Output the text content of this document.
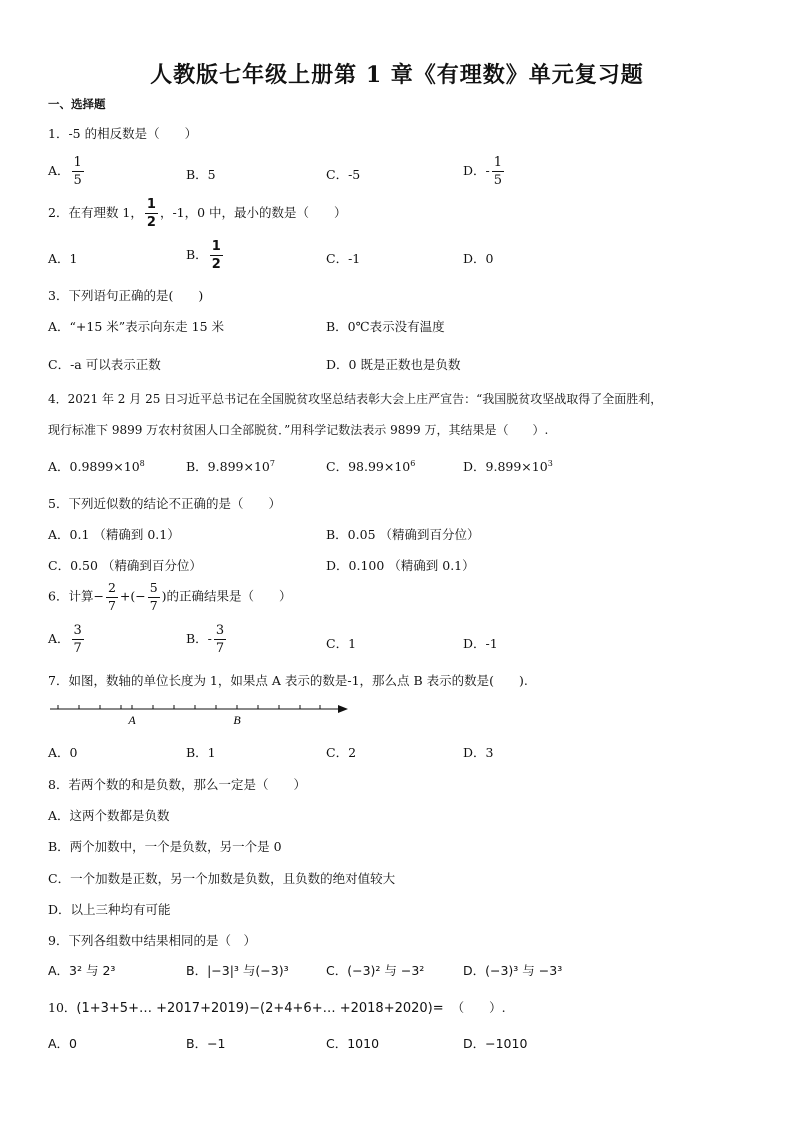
人教版七年级上册第 1 章《有理数》单元复习题
一、选择题
1．-5 的相反数是（　　）
A． $\frac{1}{5}$	B．5	C．-5	D．- $\frac{1}{5}$
2．在有理数 1， $\frac{1}{2}$ ，-1，0 中，最小的数是（　　）
A．1	B． $\frac{1}{2}$	C．-1	D．0
3．下列语句正确的是(　　)
A．“+15 米”表示向东走 15 米	B．0℃表示没有温度
C．-a 可以表示正数	D．0 既是正数也是负数
4．2021 年 2 月 25 日习近平总书记在全国脱贫攻坚总结表彰大会上庄严宣告：“我国脱贫攻坚战取得了全面胜利，
现行标准下 9899 万农村贫困人口全部脱贫．”用科学记数法表示 9899 万，其结果是（　　）.
A．$0.9899\times 10^8$	B．$9.899\times 10^7$	C．$98.99\times 10^6$	D．$9.899\times 10^3$
5．下列近似数的结论不正确的是（　　）
A．0.1 （精确到 0.1）	B．0.05 （精确到百分位）
C．0.50 （精确到百分位）	D．0.100 （精确到 0.1）
6．计算− $\frac{2}{7}$ +(− $\frac{5}{7}$ )的正确结果是（　　）
A． $\frac{3}{7}$	B．- $\frac{3}{7}$	C．1	D．-1
7．如图，数轴的单位长度为 1，如果点 A 表示的数是-1，那么点 B 表示的数是(　　).
A	B
A．0	B．1	C．2	D．3
8．若两个数的和是负数，那么一定是（　　）
A．这两个数都是负数
B．两个加数中，一个是负数，另一个是 0
C．一个加数是正数，另一个加数是负数，且负数的绝对值较大
D．以上三种均有可能
9．下列各组数中结果相同的是（　）
A．3² 与 2³	B．|−3|³ 与(−3)³	C．(−3)² 与 −3²	D．(−3)³ 与 −3³
10．(1+3+5+… +2017+2019)−(2+4+6+… +2018+2020)= （　　）.
A．0	B．−1	C．1010	D．−1010
